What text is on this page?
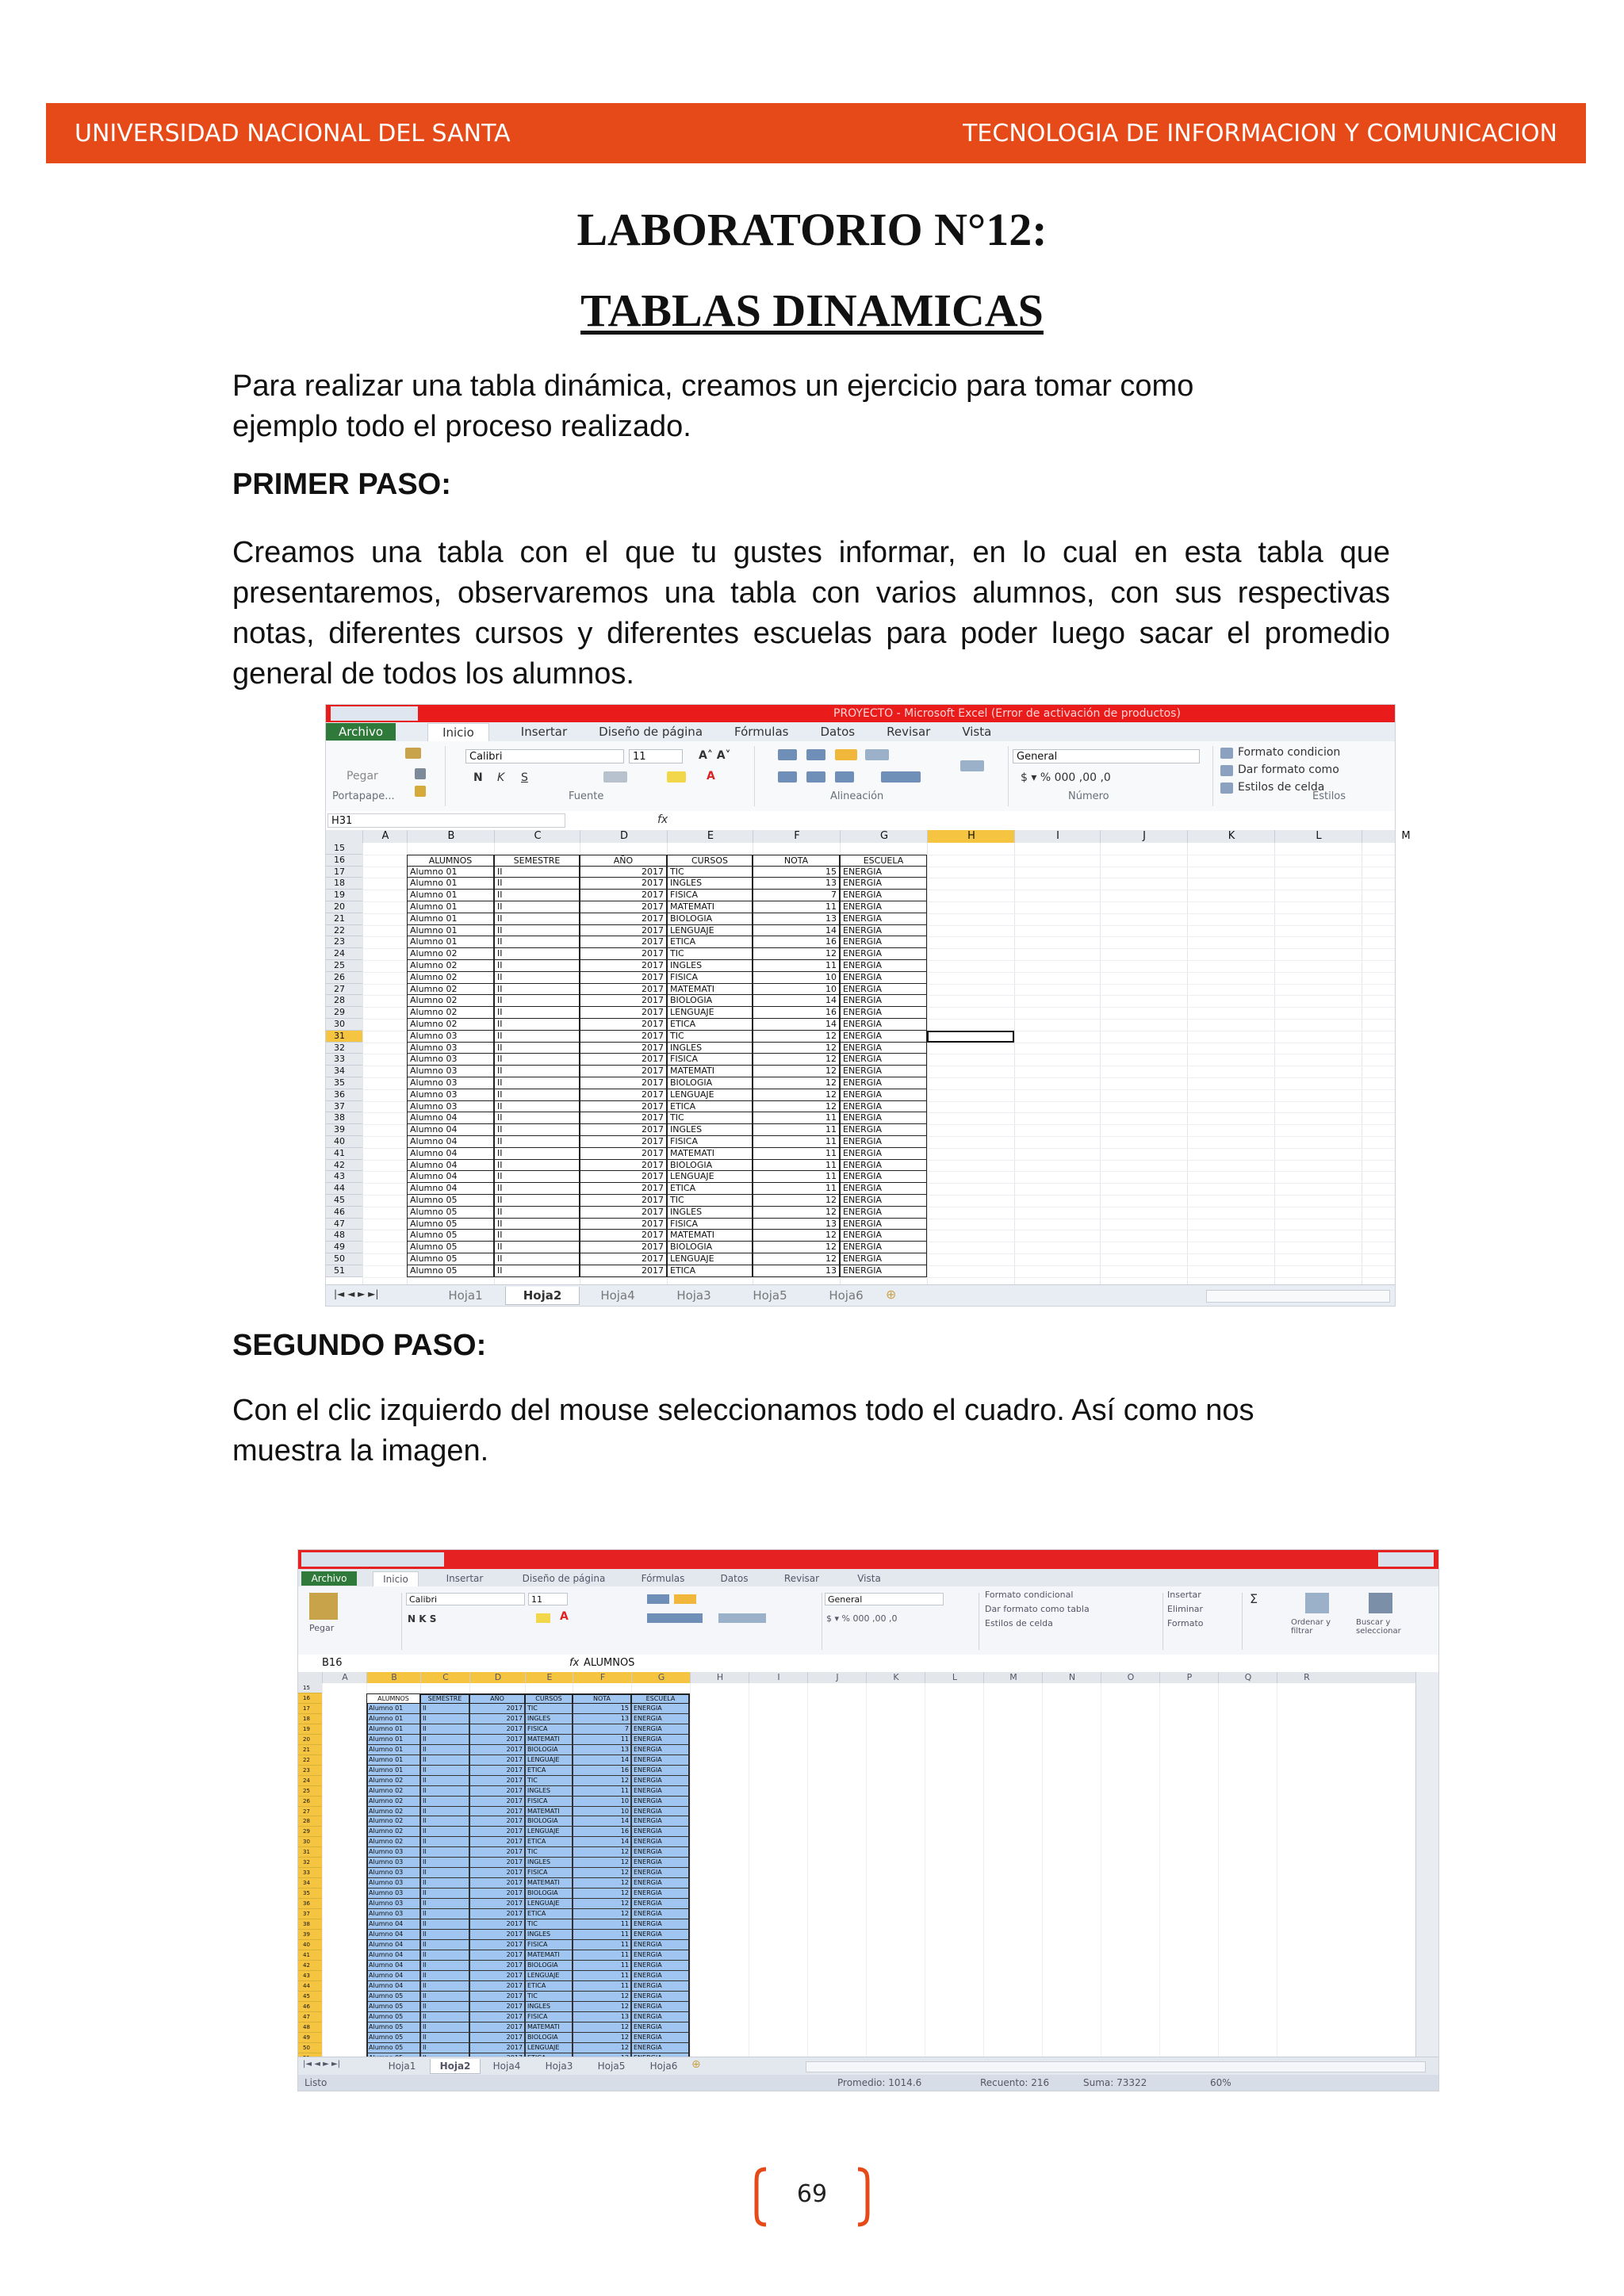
UNIVERSIDAD NACIONAL DEL SANTA	TECNOLOGIA DE INFORMACION Y COMUNICACION
LABORATORIO N°12:
TABLAS DINAMICAS
Para realizar una tabla dinámica, creamos un ejercicio para tomar como ejemplo todo el proceso realizado.
PRIMER PASO:
Creamos una tabla con el que tu gustes informar, en lo cual en esta tabla que presentaremos, observaremos una tabla con varios alumnos, con sus respectivas notas, diferentes cursos y diferentes escuelas para poder luego sacar el promedio general de todos los alumnos.
PROYECTO - Microsoft Excel (Error de activación de productos)
Archivo	Inicio	Insertar	Diseño de página	Fórmulas	Datos	Revisar	Vista
Pegar
Calibri	11	A˄ A˅
N K S	A
General
$ ▾ % 000 ,00 ,0
Formato condicion
Dar formato como
Estilos de celda
Portapape...	Fuente	Alineación	Número	Estilos
H31	fx
A	B	C	D	E	F	G	H	I	J	K	L	M
15
16
17
18
19
20
21
22
23
24
25
26
27
28
29
30
31
32
33
34
35
36
37
38
39
40
41
42
43
44
45
46
47
48
49
50
51
ALUMNOS	SEMESTRE	AÑO	CURSOS	NOTA	ESCUELA
Alumno 01	II	2017 TIC	15 ENERGIA
Alumno 01	II	2017 INGLES	13 ENERGIA
Alumno 01	II	2017 FISICA	7 ENERGIA
Alumno 01	II	2017 MATEMATI	11 ENERGIA
Alumno 01	II	2017 BIOLOGIA	13 ENERGIA
Alumno 01	II	2017 LENGUAJE	14 ENERGIA
Alumno 01	II	2017 ETICA	16 ENERGIA
Alumno 02	II	2017 TIC	12 ENERGIA
Alumno 02	II	2017 INGLES	11 ENERGIA
Alumno 02	II	2017 FISICA	10 ENERGIA
Alumno 02	II	2017 MATEMATI	10 ENERGIA
Alumno 02	II	2017 BIOLOGIA	14 ENERGIA
Alumno 02	II	2017 LENGUAJE	16 ENERGIA
Alumno 02	II	2017 ETICA	14 ENERGIA
Alumno 03	II	2017 TIC	12 ENERGIA
Alumno 03	II	2017 INGLES	12 ENERGIA
Alumno 03	II	2017 FISICA	12 ENERGIA
Alumno 03	II	2017 MATEMATI	12 ENERGIA
Alumno 03	II	2017 BIOLOGIA	12 ENERGIA
Alumno 03	II	2017 LENGUAJE	12 ENERGIA
Alumno 03	II	2017 ETICA	12 ENERGIA
Alumno 04	II	2017 TIC	11 ENERGIA
Alumno 04	II	2017 INGLES	11 ENERGIA
Alumno 04	II	2017 FISICA	11 ENERGIA
Alumno 04	II	2017 MATEMATI	11 ENERGIA
Alumno 04	II	2017 BIOLOGIA	11 ENERGIA
Alumno 04	II	2017 LENGUAJE	11 ENERGIA
Alumno 04	II	2017 ETICA	11 ENERGIA
Alumno 05	II	2017 TIC	12 ENERGIA
Alumno 05	II	2017 INGLES	12 ENERGIA
Alumno 05	II	2017 FISICA	13 ENERGIA
Alumno 05	II	2017 MATEMATI	12 ENERGIA
Alumno 05	II	2017 BIOLOGIA	12 ENERGIA
Alumno 05	II	2017 LENGUAJE	12 ENERGIA
Alumno 05	II	2017 ETICA	13 ENERGIA
|◄ ◄ ► ►|	Hoja1	Hoja2	Hoja4	Hoja3	Hoja5	Hoja6	⊕
SEGUNDO PASO:
Con el clic izquierdo del mouse seleccionamos todo el cuadro. Así como nos muestra la imagen.
Archivo	Inicio	Insertar	Diseño de página	Fórmulas	Datos	Revisar	Vista
Pegar
Calibri	11
N K S	A
General
$ ▾ % 000 ,00 ,0
Formato condicional
Dar formato como tabla
Estilos de celda
Insertar
Eliminar
Formato
Σ
Ordenar y filtrar
Buscar y seleccionar
B16	fx ALUMNOS
A	B	C	D	E	F	G	H	I	J	K	L	M	N	O	P	Q	R
15
16
17
18
19
20
21
22
23
24
25
26
27
28
29
30
31
32
33
34
35
36
37
38
39
40
41
42
43
44
45
46
47
48
49
50
ALUMNOS	SEMESTRE	AÑO	CURSOS	NOTA	ESCUELA
Alumno 01	II	2017 TIC	15 ENERGIA
Alumno 01	II	2017 INGLES	13 ENERGIA
Alumno 01	II	2017 FISICA	7 ENERGIA
Alumno 01	II	2017 MATEMATI	11 ENERGIA
Alumno 01	II	2017 BIOLOGIA	13 ENERGIA
Alumno 01	II	2017 LENGUAJE	14 ENERGIA
Alumno 01	II	2017 ETICA	16 ENERGIA
Alumno 02	II	2017 TIC	12 ENERGIA
Alumno 02	II	2017 INGLES	11 ENERGIA
Alumno 02	II	2017 FISICA	10 ENERGIA
Alumno 02	II	2017 MATEMATI	10 ENERGIA
Alumno 02	II	2017 BIOLOGIA	14 ENERGIA
Alumno 02	II	2017 LENGUAJE	16 ENERGIA
Alumno 02	II	2017 ETICA	14 ENERGIA
Alumno 03	II	2017 TIC	12 ENERGIA
Alumno 03	II	2017 INGLES	12 ENERGIA
Alumno 03	II	2017 FISICA	12 ENERGIA
Alumno 03	II	2017 MATEMATI	12 ENERGIA
Alumno 03	II	2017 BIOLOGIA	12 ENERGIA
Alumno 03	II	2017 LENGUAJE	12 ENERGIA
Alumno 03	II	2017 ETICA	12 ENERGIA
Alumno 04	II	2017 TIC	11 ENERGIA
Alumno 04	II	2017 INGLES	11 ENERGIA
Alumno 04	II	2017 FISICA	11 ENERGIA
Alumno 04	II	2017 MATEMATI	11 ENERGIA
Alumno 04	II	2017 BIOLOGIA	11 ENERGIA
Alumno 04	II	2017 LENGUAJE	11 ENERGIA
Alumno 04	II	2017 ETICA	11 ENERGIA
Alumno 05	II	2017 TIC	12 ENERGIA
Alumno 05	II	2017 INGLES	12 ENERGIA
Alumno 05	II	2017 FISICA	13 ENERGIA
Alumno 05	II	2017 MATEMATI	12 ENERGIA
Alumno 05	II	2017 BIOLOGIA	12 ENERGIA
Alumno 05	II	2017 LENGUAJE	12 ENERGIA
|◄ ◄ ► ►|	Hoja1	Hoja2	Hoja4	Hoja3	Hoja5	Hoja6	⊕
Listo	Promedio: 1014.6	Recuento: 216	Suma: 73322	60%
69
